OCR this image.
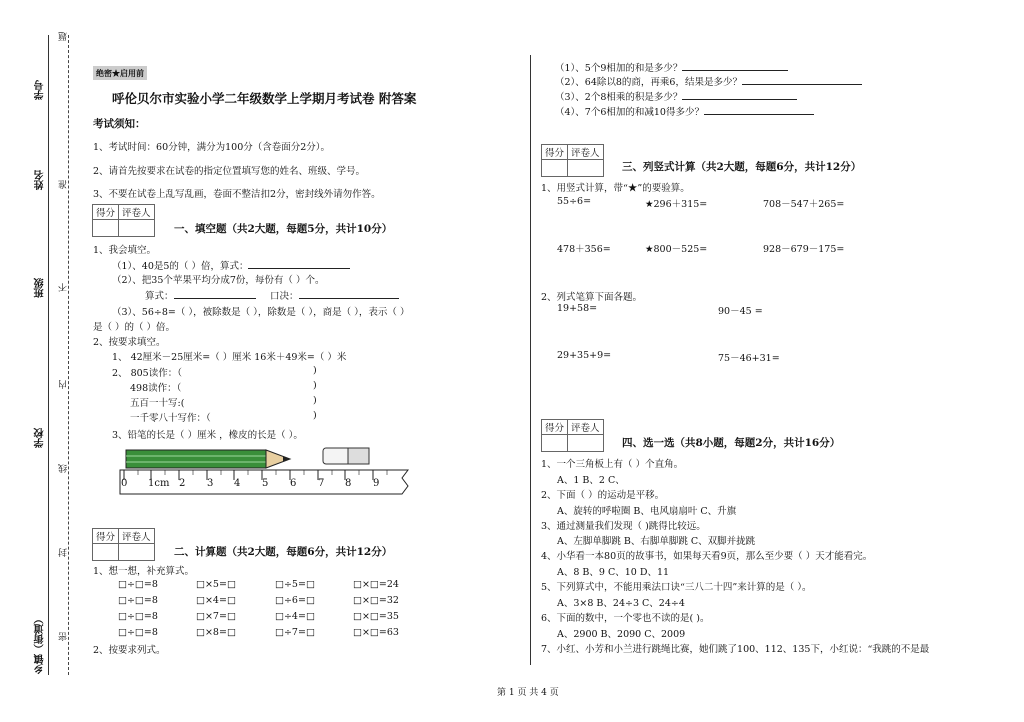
学号
姓名
班级
学校
乡镇（街道）
题
准
不
内
线
封
密
绝密★启用前
呼伦贝尔市实验小学二年级数学上学期月考试卷 附答案
考试须知：
1、考试时间：60分钟，满分为100分（含卷面分2分）。
2、请首先按要求在试卷的指定位置填写您的姓名、班级、学号。
3、不要在试卷上乱写乱画，卷面不整洁扣2分，密封线外请勿作答。
得分	评卷人

一、填空题（共2大题，每题5分，共计10分）
1、我会填空。
（1）、40是5的（ ）倍，算式：
（2）、把35个苹果平均分成7份，每份有（ ）个。
算式：	口决：
（3）、56÷8=（ ），被除数是（ ），除数是（ ），商是（ ），表示（ ）
是（ ）的（ ）倍。
2、按要求填空。
1、 42厘米－25厘米=（ ）厘米 16米＋49米=（ ）米
2、 805读作：（
498读作：（
五百一十写:(
一千零八十写作：（
)
)
)
)
3、铅笔的长是（ ）厘米 ，橡皮的长是（ ）。
0 1cm 2 3 4 5 6 7 8 9
得分	评卷人

二、计算题（共2大题，每题6分，共计12分）
1、想一想，补充算式。
□÷□=8	□×5=□	□÷5=□	□×□=24
□÷□=8	□×4=□	□÷6=□	□×□=32
□÷□=8	□×7=□	□÷4=□	□×□=35
□÷□=8	□×8=□	□÷7=□	□×□=63
2、按要求列式。
（1）、5个9相加的和是多少？
（2）、64除以8的商，再乘6，结果是多少？
（3）、2个8相乘的积是多少？
（4）、7个6相加的和减10得多少？
得分	评卷人

三、列竖式计算（共2大题，每题6分，共计12分）
1、用竖式计算，带“★”的要验算。
55÷6=	★296＋315=	708－547＋265=
478＋356=	★800－525=	928－679－175=
2、列式笔算下面各题。
19+58=	90－45 =
29+35+9=	75－46+31=
得分	评卷人

四、选一选（共8小题，每题2分，共计16分）
1、一个三角板上有（ ）个直角。
A、1 B、2 C、
2、下面（ ）的运动是平移。
A、旋转的呼啦圈 B、电风扇扇叶 C、升旗
3、通过测量我们发现（ )跳得比较远。
A、左脚单脚跳 B、右脚单脚跳 C、双脚并拢跳
4、小华看一本80页的故事书，如果每天看9页，那么至少要（ ）天才能看完。
A、8 B、9 C、10 D、11
5、下列算式中，不能用乘法口诀“三八二十四”来计算的是（ ）。
A、3×8 B、24÷3 C、24÷4
6、下面的数中，一个零也不读的是( )。
A、2900 B、2090 C、2009
7、小红、小芳和小兰进行跳绳比赛，她们跳了100、112、135下，小红说：“我跳的不是最
第 1 页 共 4 页
